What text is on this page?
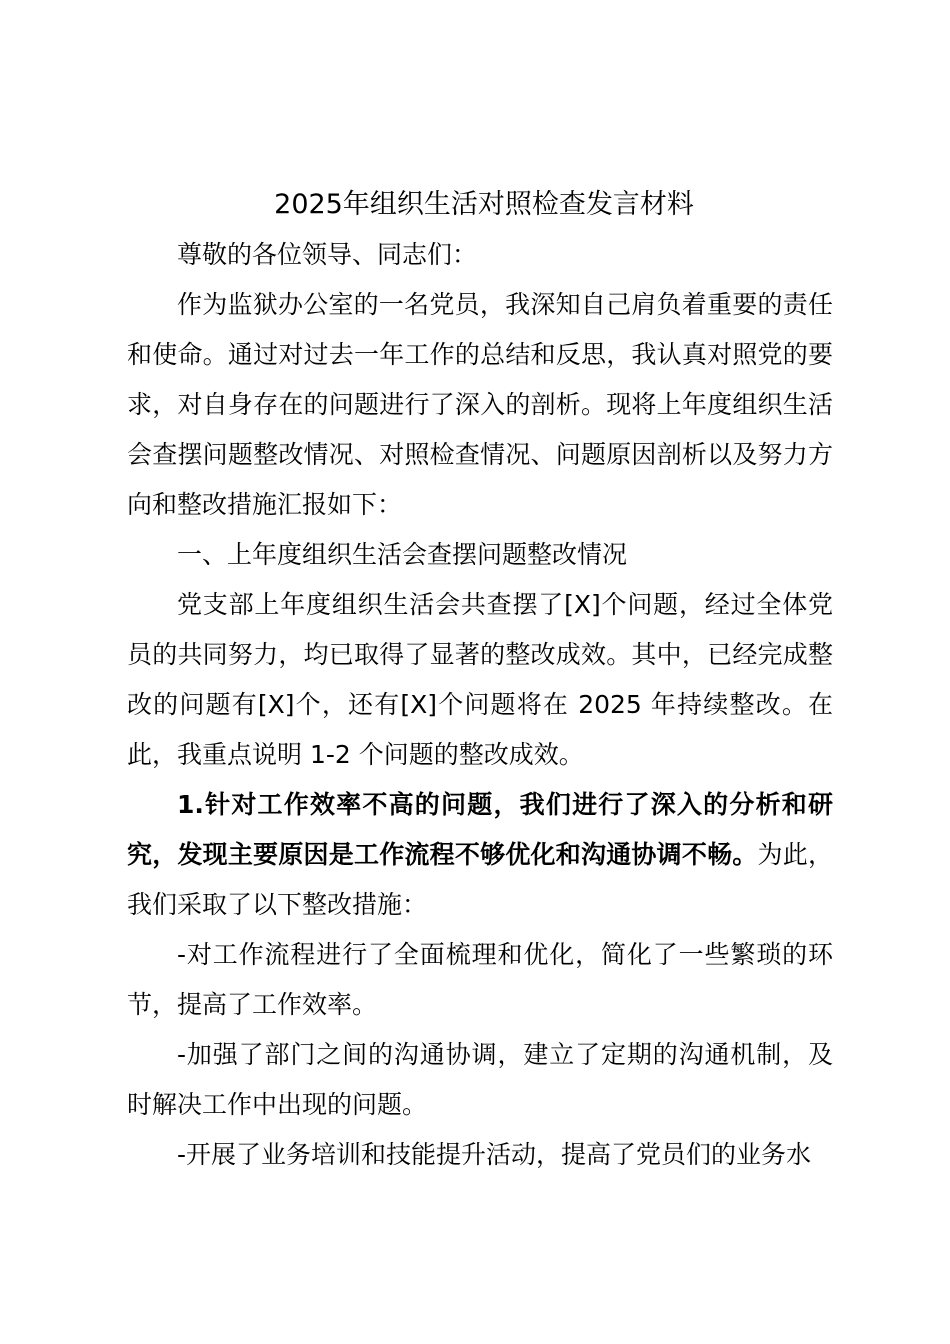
2025年组织生活对照检查发言材料

尊敬的各位领导、同志们：

作为监狱办公室的一名党员，我深知自己肩负着重要的责任和使命。通过对过去一年工作的总结和反思，我认真对照党的要求，对自身存在的问题进行了深入的剖析。现将上年度组织生活会查摆问题整改情况、对照检查情况、问题原因剖析以及努力方向和整改措施汇报如下：

一、上年度组织生活会查摆问题整改情况

党支部上年度组织生活会共查摆了[X]个问题，经过全体党员的共同努力，均已取得了显著的整改成效。其中，已经完成整改的问题有[X]个，还有[X]个问题将在 2025 年持续整改。在此，我重点说明 1-2 个问题的整改成效。

1.针对工作效率不高的问题，我们进行了深入的分析和研究，发现主要原因是工作流程不够优化和沟通协调不畅。为此，我们采取了以下整改措施：

-对工作流程进行了全面梳理和优化，简化了一些繁琐的环节，提高了工作效率。

-加强了部门之间的沟通协调，建立了定期的沟通机制，及时解决工作中出现的问题。

-开展了业务培训和技能提升活动，提高了党员们的业务水
